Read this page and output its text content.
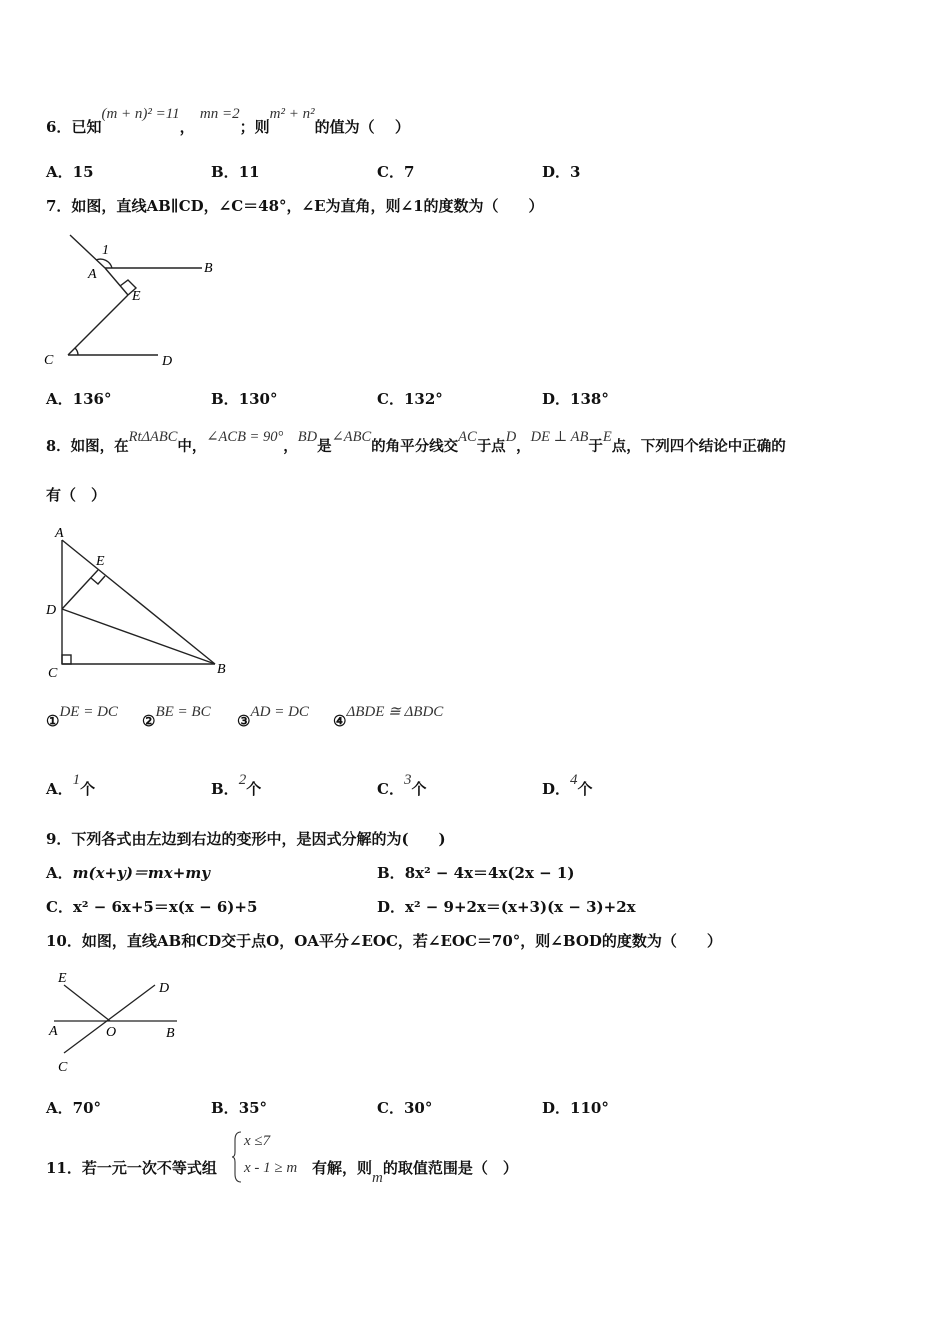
6．已知(m + n)² =11， mn =2；则m² + n²的值为（　 ）
A．15	B．11	C．7	D．3
7．如图，直线AB∥CD，∠C＝48°，∠E为直角，则∠1的度数为（　　）
1
A	B
E
C	D
A．136°	B．130°	C．132°	D．138°
8．如图，在RtΔABC中，∠ACB = 90°，BD是∠ABC的角平分线交AC于点D，DE ⊥ AB于E点，下列四个结论中正确的
有（　）
A
E
D
C	B
①DE = DC ②BE = BC ③AD = DC ④ΔBDE ≅ ΔBDC
A．1个	B．2个	C．3个	D．4个
9．下列各式由左边到右边的变形中，是因式分解的为(　　)
A．m(x+y)＝mx+my	B．8x² − 4x＝4x(2x − 1)
C．x² − 6x+5＝x(x − 6)+5	D．x² − 9+2x＝(x+3)(x − 3)+2x
10．如图，直线AB和CD交于点O，OA平分∠EOC，若∠EOC＝70°，则∠BOD的度数为（　　）
E
D
A	O	B
C
A．70°	B．35°	C．30°	D．110°
11．若一元一次不等式组
x ≤7
x - 1 ≥ m 有解，则m的取值范围是（　）
